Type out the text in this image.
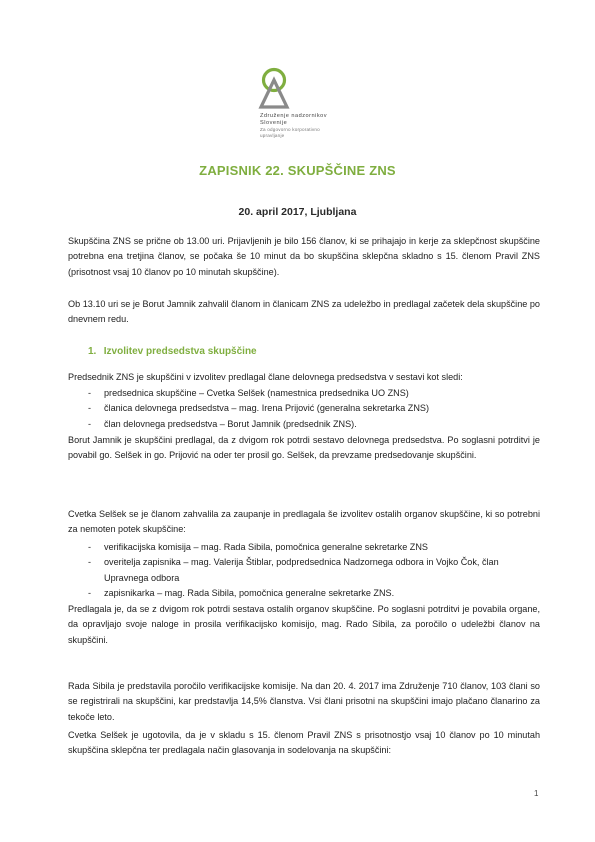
Združenje nadzornikov
Slovenije
Za odgovorno korporativno
upravljanje
ZAPISNIK 22. SKUPŠČINE ZNS
20. april 2017, Ljubljana

Skupščina ZNS se prične ob 13.00 uri. Prijavljenih je bilo 156 članov, ki se prihajajo in kerje za sklepčnost skupščine potrebna ena tretjina članov, se počaka še 10 minut da bo skupščina sklepčna skladno s 15. členom Pravil ZNS (prisotnost vsaj 10 članov po 10 minutah skupščine).

Ob 13.10 uri se je Borut Jamnik zahvalil članom in članicam ZNS za udeležbo in predlagal začetek dela skupščine po dnevnem redu.

1. Izvolitev predsedstva skupščine

Predsednik ZNS je skupščini v izvolitev predlagal člane delovnega predsedstva v sestavi kot sledi:

- predsednica skupščine – Cvetka Selšek (namestnica predsednika UO ZNS)
- članica delovnega predsedstva – mag. Irena Prijović (generalna sekretarka ZNS)
- član delovnega predsedstva – Borut Jamnik (predsednik ZNS).

Borut Jamnik je skupščini predlagal, da z dvigom rok potrdi sestavo delovnega predsedstva. Po soglasni potrditvi je povabil go. Selšek in go. Prijović na oder ter prosil go. Selšek, da prevzame predsedovanje skupščini.

Cvetka Selšek se je članom zahvalila za zaupanje in predlagala še izvolitev ostalih organov skupščine, ki so potrebni za nemoten potek skupščine:

- verifikacijska komisija – mag. Rada Sibila, pomočnica generalne sekretarke ZNS
- overitelja zapisnika – mag. Valerija Štiblar, podpredsednica Nadzornega odbora in Vojko Čok, član Upravnega odbora
- zapisnikarka – mag. Rada Sibila, pomočnica generalne sekretarke ZNS.

Predlagala je, da se z dvigom rok potrdi sestava ostalih organov skupščine. Po soglasni potrditvi je povabila organe, da opravljajo svoje naloge in prosila verifikacijsko komisijo, mag. Rado Sibila, za poročilo o udeležbi članov na skupščini.

Rada Sibila je predstavila poročilo verifikacijske komisije. Na dan 20. 4. 2017 ima Združenje 710 članov, 103 člani so se registrirali na skupščini, kar predstavlja 14,5% članstva. Vsi člani prisotni na skupščini imajo plačano članarino za tekoče leto.

Cvetka Selšek je ugotovila, da je v skladu s 15. členom Pravil ZNS s prisotnostjo vsaj 10 članov po 10 minutah skupščina sklepčna ter predlagala način glasovanja in sodelovanja na skupščini:

1
